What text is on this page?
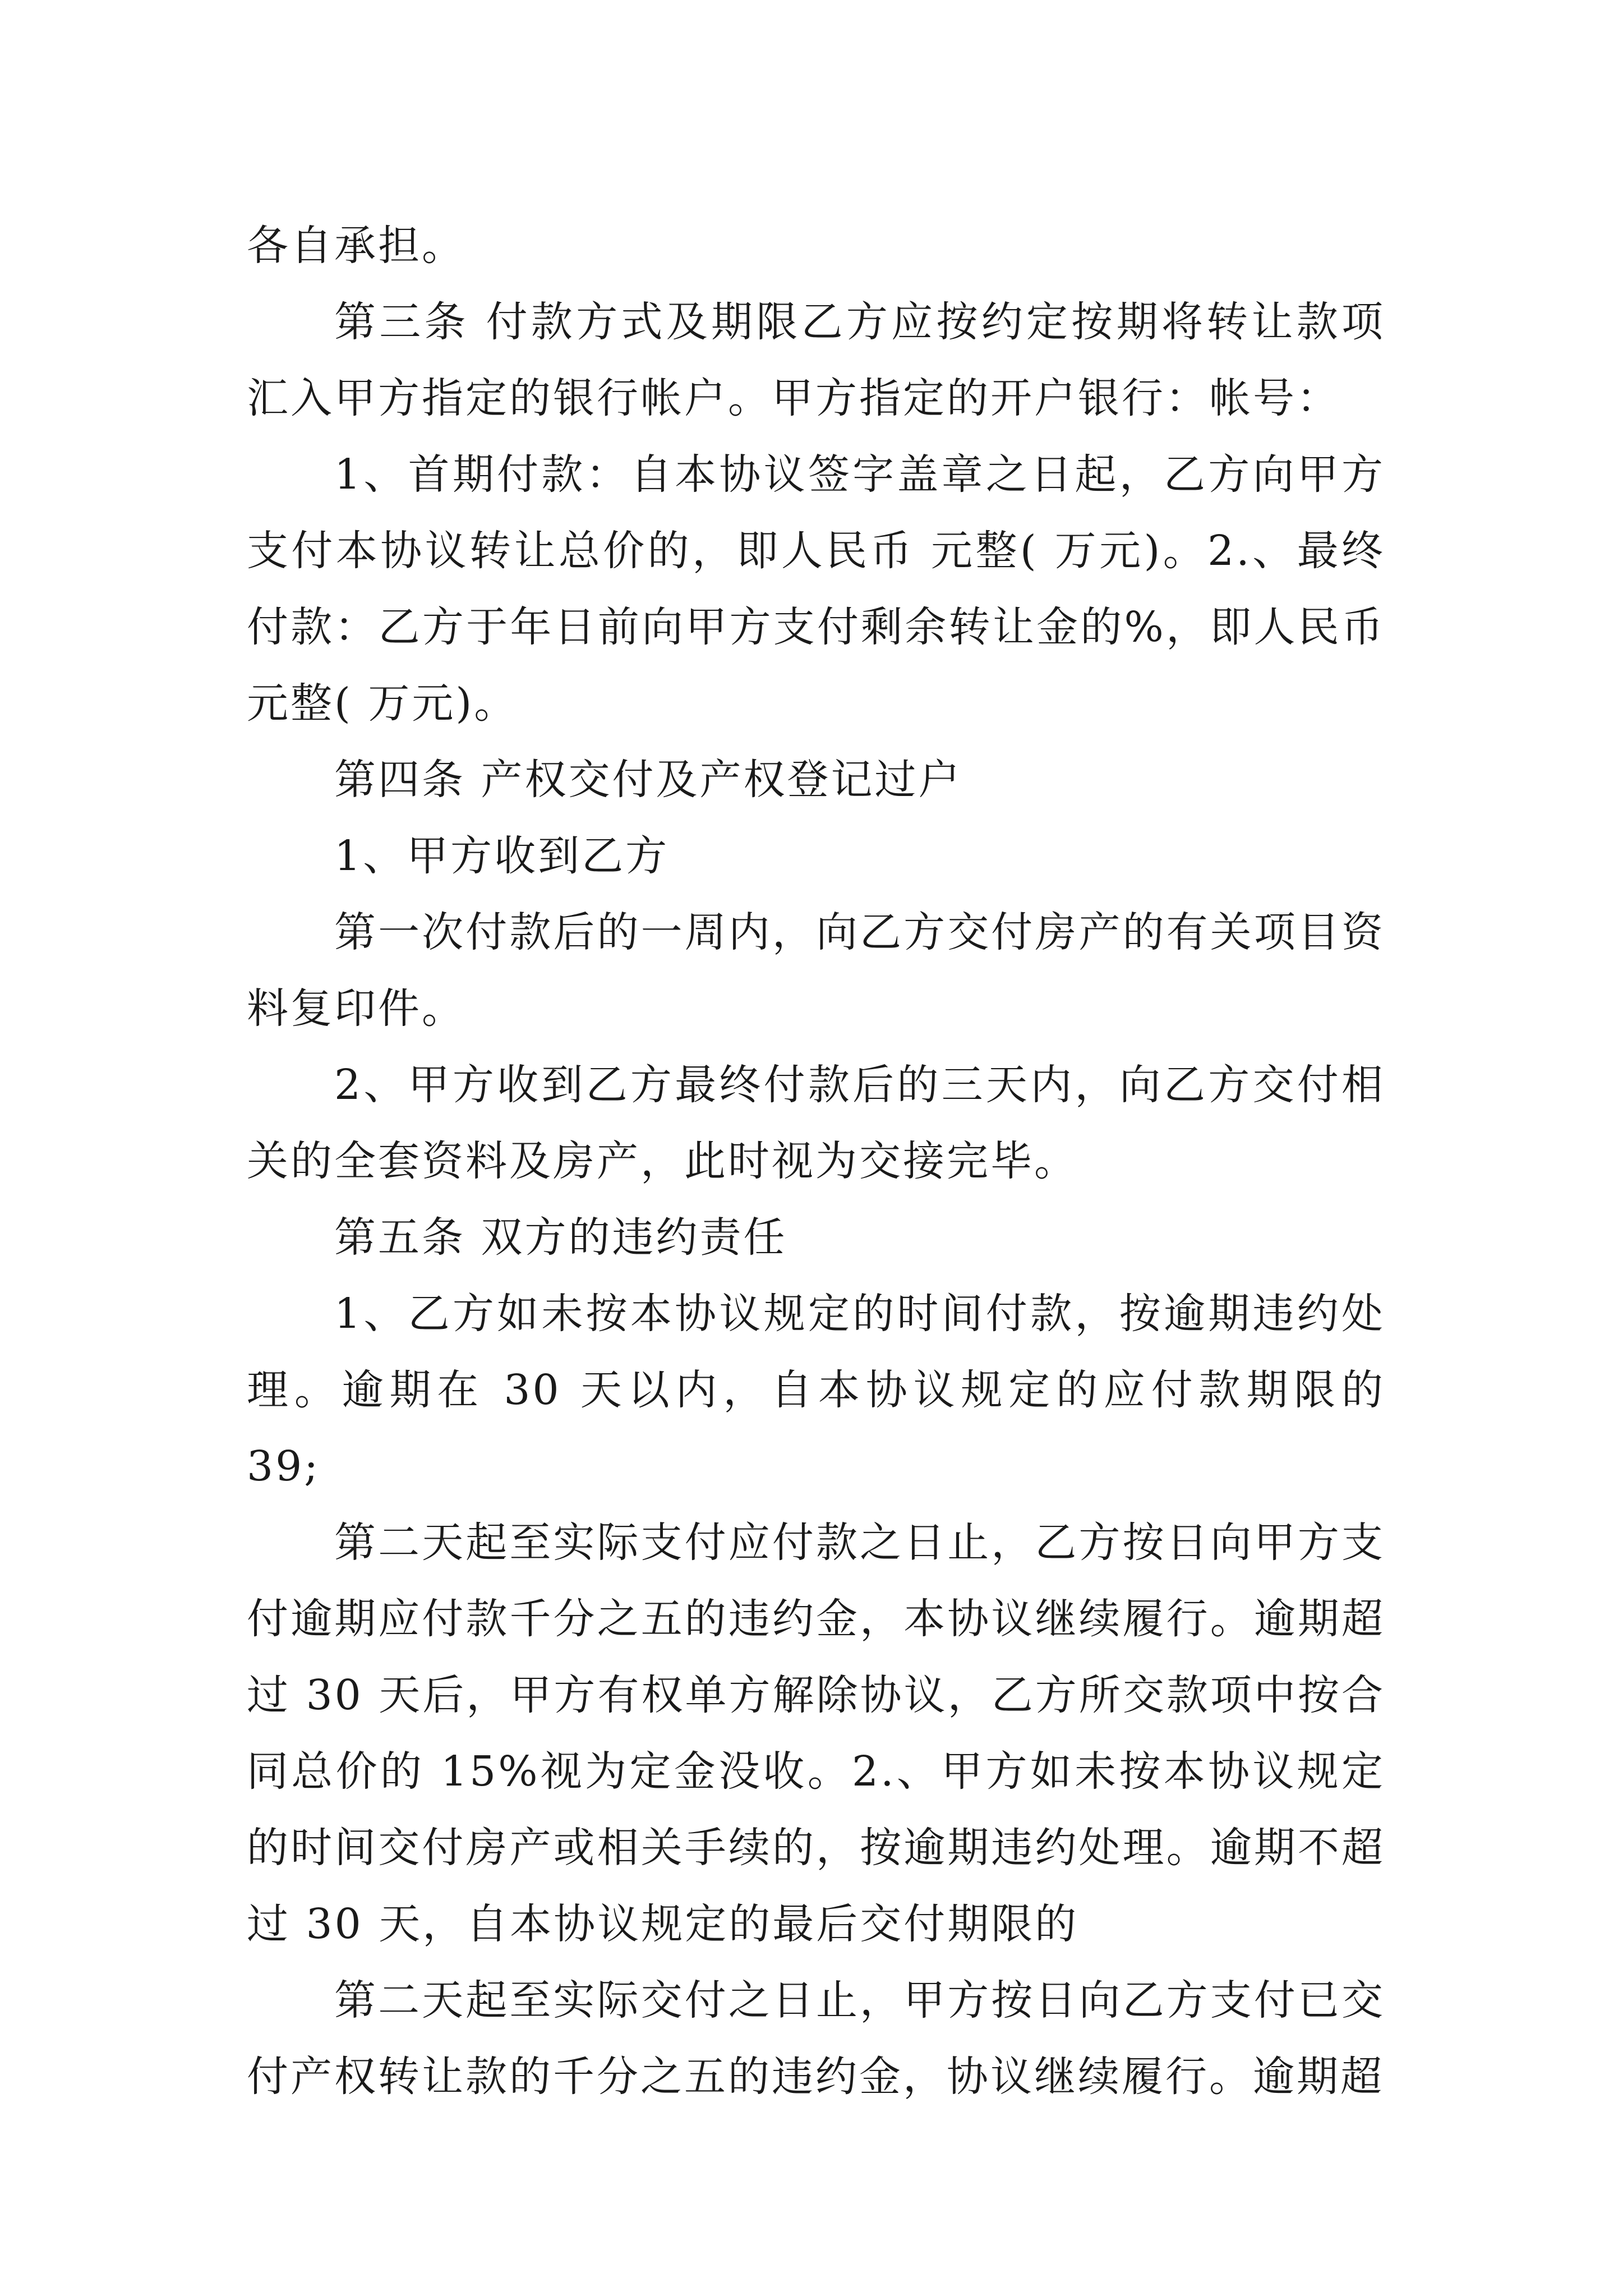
各自承担。

第三条 付款方式及期限乙方应按约定按期将转让款项汇入甲方指定的银行帐户。甲方指定的开户银行：帐号：

1、首期付款：自本协议签字盖章之日起，乙方向甲方支付本协议转让总价的，即人民币 元整( 万元)。2.、最终付款：乙方于年日前向甲方支付剩余转让金的%，即人民币元整( 万元)。

第四条 产权交付及产权登记过户

1、甲方收到乙方

第一次付款后的一周内，向乙方交付房产的有关项目资料复印件。

2、甲方收到乙方最终付款后的三天内，向乙方交付相关的全套资料及房产，此时视为交接完毕。

第五条 双方的违约责任

1、乙方如未按本协议规定的时间付款，按逾期违约处理。逾期在 30 天以内，自本协议规定的应付款期限的 39;

第二天起至实际支付应付款之日止，乙方按日向甲方支付逾期应付款千分之五的违约金，本协议继续履行。逾期超过 30 天后，甲方有权单方解除协议，乙方所交款项中按合同总价的 15%视为定金没收。2.、甲方如未按本协议规定的时间交付房产或相关手续的，按逾期违约处理。逾期不超过 30 天，自本协议规定的最后交付期限的

第二天起至实际交付之日止，甲方按日向乙方支付已交付产权转让款的千分之五的违约金，协议继续履行。逾期超
